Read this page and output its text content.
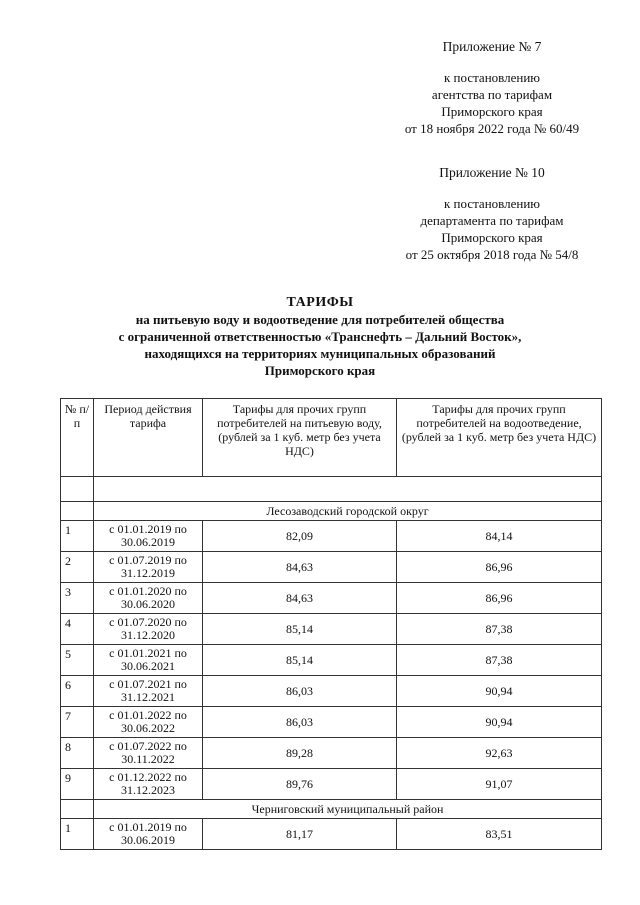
Приложение № 7
к постановлению
агентства по тарифам
Приморского края
от 18 ноября 2022 года № 60/49
Приложение № 10
к постановлению
департамента по тарифам
Приморского края
от 25 октября 2018 года № 54/8
ТАРИФЫ
на питьевую воду и водоотведение для потребителей общества
с ограниченной ответственностью «Транснефть – Дальний Восток»,
находящихся на территориях муниципальных образований
Приморского края
№ п/п	Период действия тарифа	Тарифы для прочих групп потребителей на питьевую воду, (рублей за 1 куб. метр без учета НДС)	Тарифы для прочих групп потребителей на водоотведение, (рублей за 1 куб. метр без учета НДС)

	Лесозаводский городской округ		
1	с 01.01.2019 по 30.06.2019	82,09	84,14
2	с 01.07.2019 по 31.12.2019	84,63	86,96
3	с 01.01.2020 по 30.06.2020	84,63	86,96
4	с 01.07.2020 по 31.12.2020	85,14	87,38
5	с 01.01.2021 по 30.06.2021	85,14	87,38
6	с 01.07.2021 по 31.12.2021	86,03	90,94
7	с 01.01.2022 по 30.06.2022	86,03	90,94
8	с 01.07.2022 по 30.11.2022	89,28	92,63
9	с 01.12.2022 по 31.12.2023	89,76	91,07
	Черниговский муниципальный район		
1	с 01.01.2019 по 30.06.2019	81,17	83,51
